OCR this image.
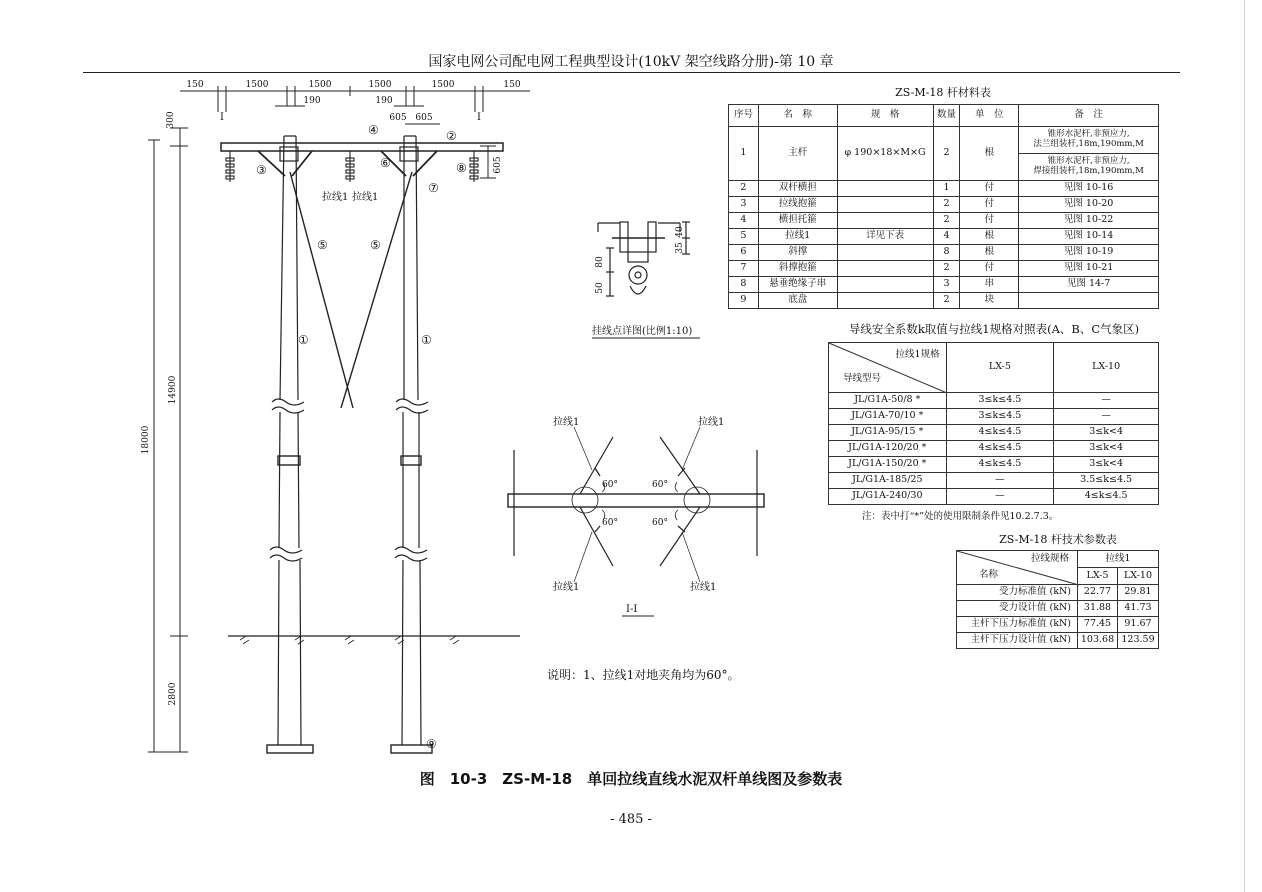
国家电网公司配电网工程典型设计(10kV 架空线路分册)-第 10 章
150	1500	1500	1500	1500	150
190	190
I	I
605 605
605
300
14900
18000
2800
拉线1 拉线1
①	①
②
③
④
⑤	⑤
⑥
⑦
⑧
⑨
35
40
80
50
挂线点详图(比例1:10)
拉线1	拉线1
拉线1	拉线1
60°	60°
60°	60°
I-I
说明：1、拉线1对地夹角均为60°。
ZS-M-18 杆材料表
序号	名　称	规　格	数量	单　位	备　注
1	主杆	φ 190×18×M×G	2	根	锥形水泥杆,非预应力,
法兰组装杆,18m,190mm,M
					锥形水泥杆,非预应力,
焊接组装杆,18m,190mm,M
2	双杆横担		1	付	见图 10-16
3	拉线抱箍		2	付	见图 10-20
4	横担托箍		2	付	见图 10-22
5	拉线1	详见下表	4	根	见图 10-14
6	斜撑		8	根	见图 10-19
7	斜撑抱箍		2	付	见图 10-21
8	悬垂绝缘子串		3	串	见图 14-7
9	底盘		2	块	
导线安全系数k取值与拉线1规格对照表(A、B、C气象区)
拉线1规格
导线型号	LX-5	LX-10
JL/G1A-50/8 *	3≤k≤4.5	—
JL/G1A-70/10 *	3≤k≤4.5	—
JL/G1A-95/15 *	4≤k≤4.5	3≤k<4
JL/G1A-120/20 *	4≤k≤4.5	3≤k<4
JL/G1A-150/20 *	4≤k≤4.5	3≤k<4
JL/G1A-185/25	—	3.5≤k≤4.5
JL/G1A-240/30	—	4≤k≤4.5
注：表中打“*”处的使用限制条件见10.2.7.3。
ZS-M-18 杆技术参数表
拉线规格
名称	拉线1	
	LX-5	LX-10
受力标准值 (kN)	22.77	29.81
受力设计值 (kN)	31.88	41.73
主杆下压力标准值 (kN)	77.45	91.67
主杆下压力设计值 (kN)	103.68	123.59
图　10-3　ZS-M-18　单回拉线直线水泥双杆单线图及参数表
- 485 -
